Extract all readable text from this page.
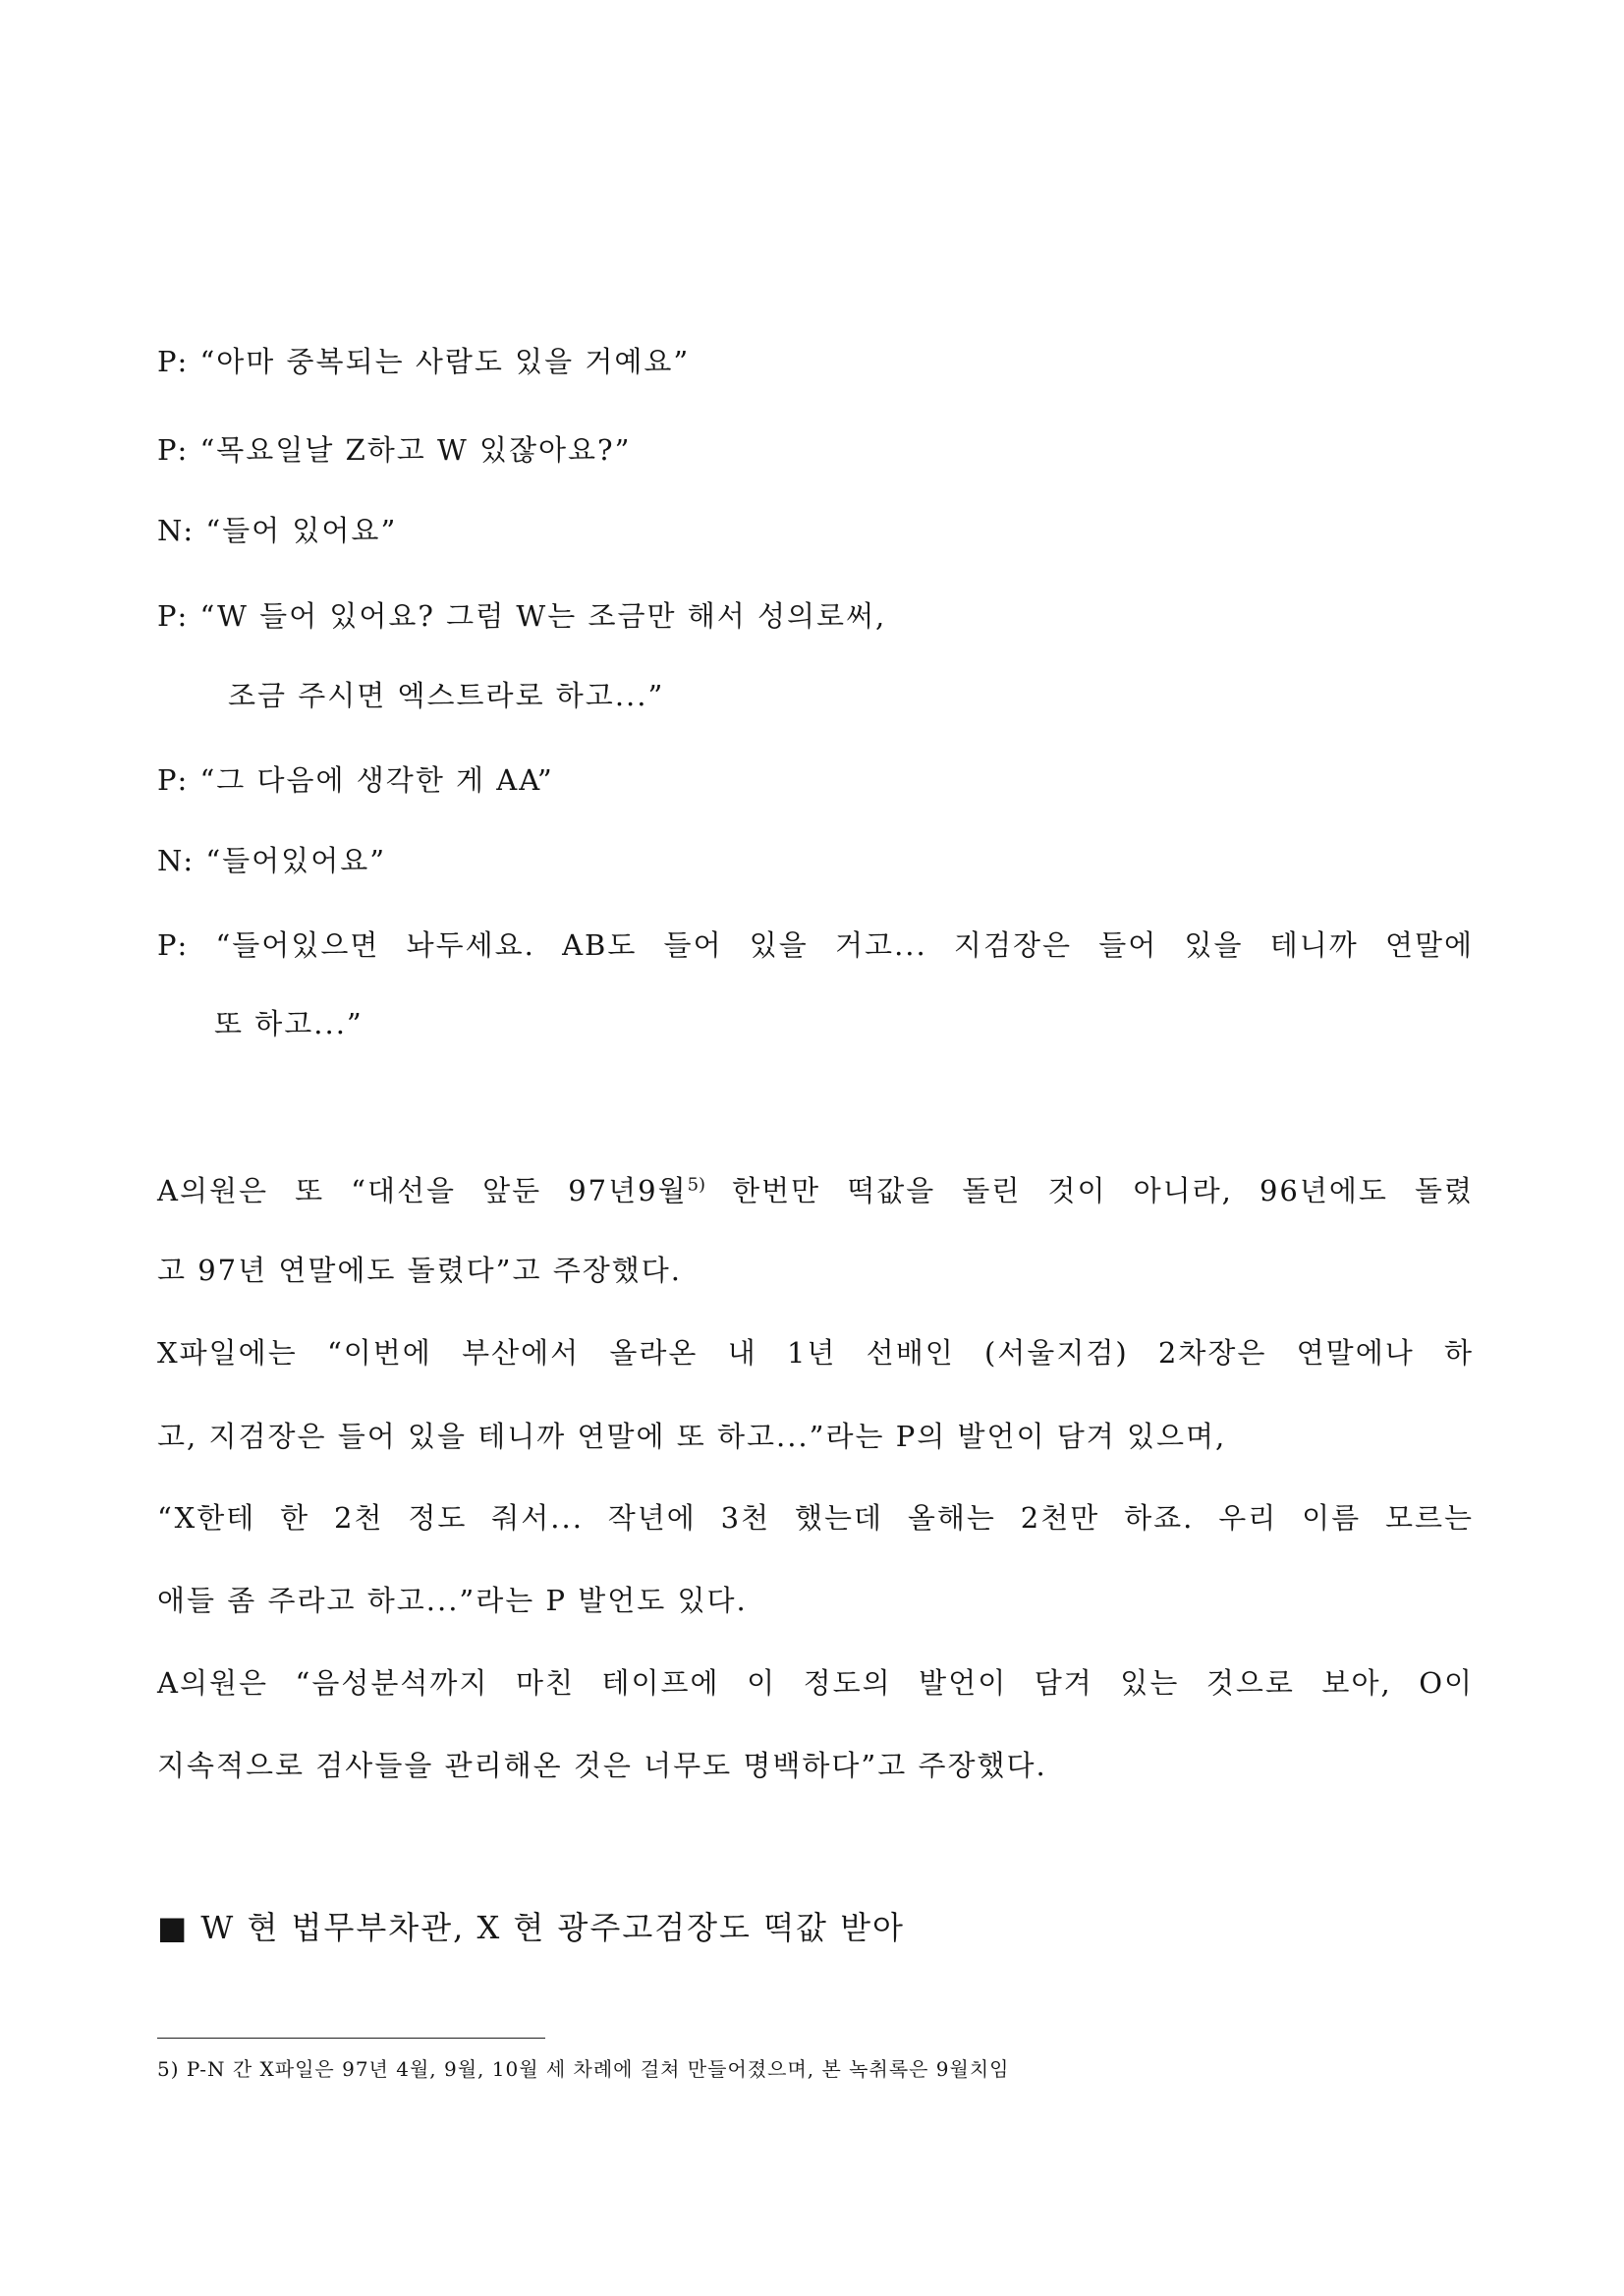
P: “아마 중복되는 사람도 있을 거예요”
P: “목요일날 Z하고 W 있잖아요?”
N: “들어 있어요”
P: “W 들어 있어요? 그럼 W는 조금만 해서 성의로써,
조금 주시면 엑스트라로 하고...”
P: “그 다음에 생각한 게 AA”
N: “들어있어요”
P: “들어있으면 놔두세요. AB도 들어 있을 거고... 지검장은 들어 있을 테니까 연말에
또 하고...”
A의원은 또 “대선을 앞둔 97년9월$^{5)}$ 한번만 떡값을 돌린 것이 아니라, 96년에도 돌렸
고 97년 연말에도 돌렸다”고 주장했다.
X파일에는 “이번에 부산에서 올라온 내 1년 선배인 (서울지검) 2차장은 연말에나 하
고, 지검장은 들어 있을 테니까 연말에 또 하고...”라는 P의 발언이 담겨 있으며,
“X한테 한 2천 정도 줘서... 작년에 3천 했는데 올해는 2천만 하죠. 우리 이름 모르는
애들 좀 주라고 하고...”라는 P 발언도 있다.
A의원은 “음성분석까지 마친 테이프에 이 정도의 발언이 담겨 있는 것으로 보아, O이
지속적으로 검사들을 관리해온 것은 너무도 명백하다”고 주장했다.
■ W 현 법무부차관, X 현 광주고검장도 떡값 받아
5) P-N 간 X파일은 97년 4월, 9월, 10월 세 차례에 걸쳐 만들어졌으며, 본 녹취록은 9월치임
